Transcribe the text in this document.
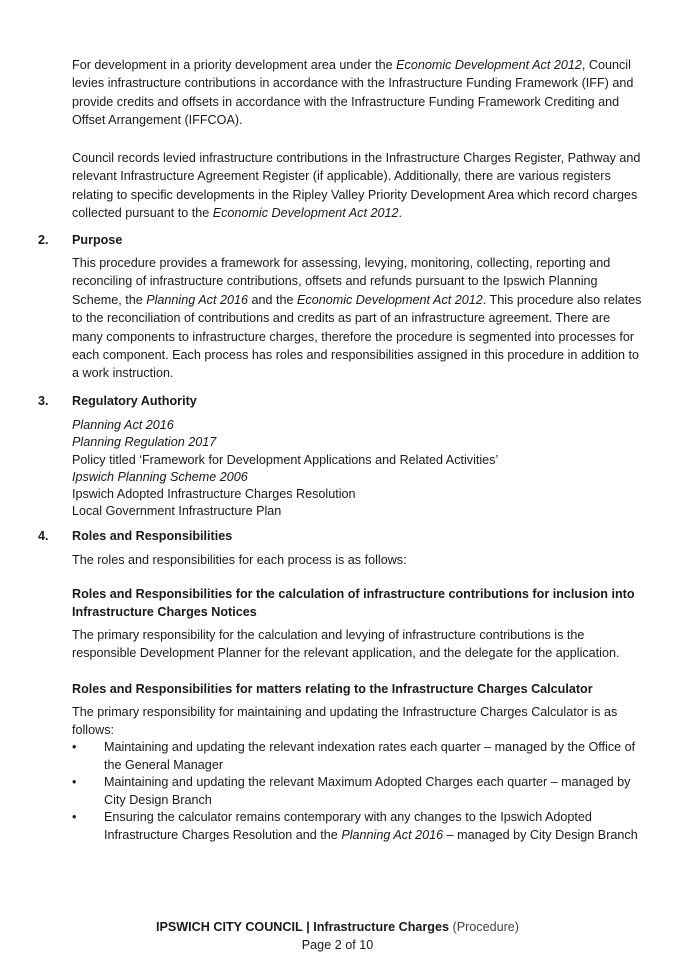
For development in a priority development area under the Economic Development Act 2012, Council levies infrastructure contributions in accordance with the Infrastructure Funding Framework (IFF) and provide credits and offsets in accordance with the Infrastructure Funding Framework Crediting and Offset Arrangement (IFFCOA).

Council records levied infrastructure contributions in the Infrastructure Charges Register, Pathway and relevant Infrastructure Agreement Register (if applicable). Additionally, there are various registers relating to specific developments in the Ripley Valley Priority Development Area which record charges collected pursuant to the Economic Development Act 2012.

2. Purpose

This procedure provides a framework for assessing, levying, monitoring, collecting, reporting and reconciling of infrastructure contributions, offsets and refunds pursuant to the Ipswich Planning Scheme, the Planning Act 2016 and the Economic Development Act 2012. This procedure also relates to the reconciliation of contributions and credits as part of an infrastructure agreement. There are many components to infrastructure charges, therefore the procedure is segmented into processes for each component. Each process has roles and responsibilities assigned in this procedure in addition to a work instruction.

3. Regulatory Authority
Planning Act 2016
Planning Regulation 2017
Policy titled ‘Framework for Development Applications and Related Activities’
Ipswich Planning Scheme 2006
Ipswich Adopted Infrastructure Charges Resolution
Local Government Infrastructure Plan
4. Roles and Responsibilities

The roles and responsibilities for each process is as follows:

Roles and Responsibilities for the calculation of infrastructure contributions for inclusion into Infrastructure Charges Notices

The primary responsibility for the calculation and levying of infrastructure contributions is the responsible Development Planner for the relevant application, and the delegate for the application.

Roles and Responsibilities for matters relating to the Infrastructure Charges Calculator

The primary responsibility for maintaining and updating the Infrastructure Charges Calculator is as follows:

• Maintaining and updating the relevant indexation rates each quarter – managed by the Office of the General Manager
• Maintaining and updating the relevant Maximum Adopted Charges each quarter – managed by City Design Branch
• Ensuring the calculator remains contemporary with any changes to the Ipswich Adopted Infrastructure Charges Resolution and the Planning Act 2016 – managed by City Design Branch
IPSWICH CITY COUNCIL | Infrastructure Charges (Procedure)
Page 2 of 10
